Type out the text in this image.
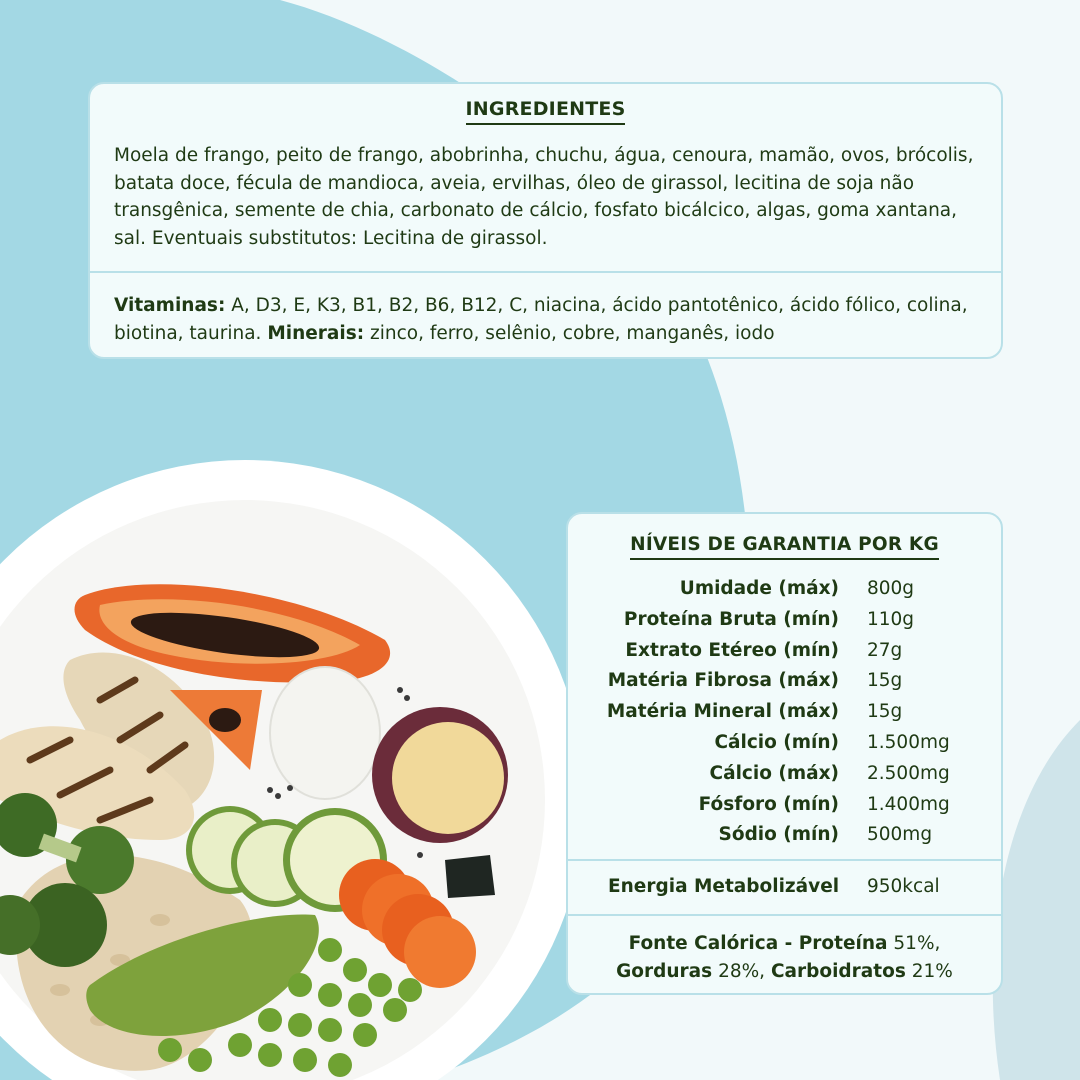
INGREDIENTES
Moela de frango, peito de frango, abobrinha, chuchu, água, cenoura, mamão, ovos, brócolis, batata doce, fécula de mandioca, aveia, ervilhas, óleo de girassol, lecitina de soja não transgênica, semente de chia, carbonato de cálcio, fosfato bicálcico, algas, goma xantana, sal. Eventuais substitutos: Lecitina de girassol.
Vitaminas: A, D3, E, K3, B1, B2, B6, B12, C, niacina, ácido pantotênico, ácido fólico, colina, biotina, taurina. Minerais: zinco, ferro, selênio, cobre, manganês, iodo
NÍVEIS DE GARANTIA POR KG
Umidade (máx) 800g
Proteína Bruta (mín) 110g
Extrato Etéreo (mín) 27g
Matéria Fibrosa (máx) 15g
Matéria Mineral (máx) 15g
Cálcio (mín) 1.500mg
Cálcio (máx) 2.500mg
Fósforo (mín) 1.400mg
Sódio (mín) 500mg
Energia Metabolizável 950kcal
Fonte Calórica - Proteína 51%,
Gorduras 28%, Carboidratos 21%
